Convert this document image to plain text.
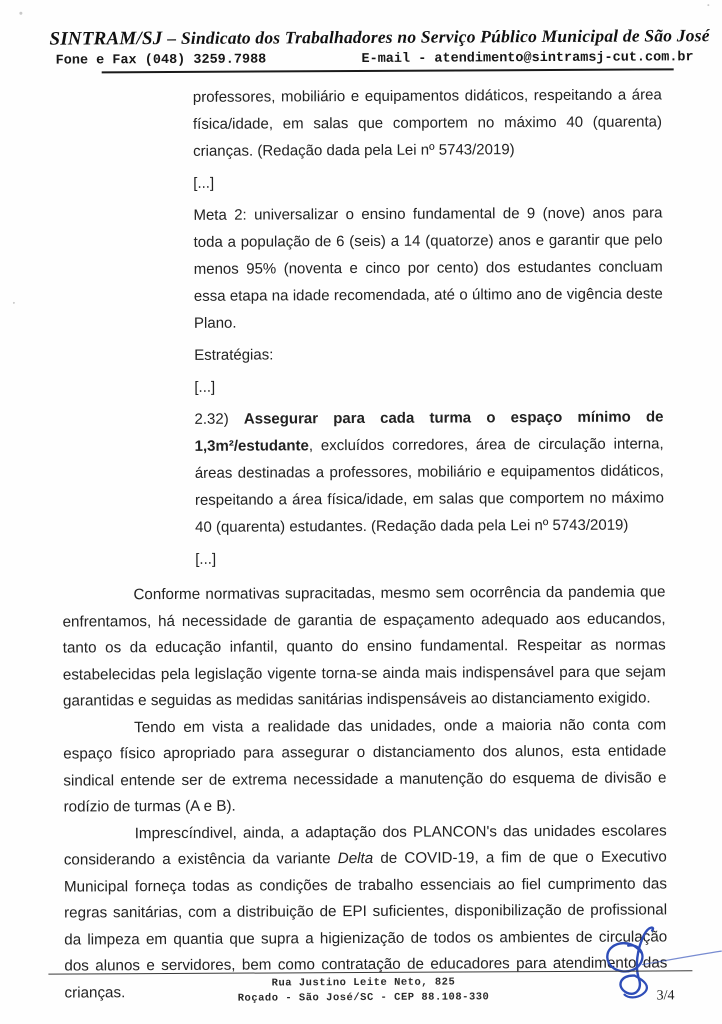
SINTRAM/SJ – Sindicato dos Trabalhadores no Serviço Público Municipal de São José
Fone e Fax (048) 3259.7988	E-mail - atendimento@sintramsj-cut.com.br

professores, mobiliário e equipamentos didáticos, respeitando a área física/idade, em salas que comportem no máximo 40 (quarenta) crianças. (Redação dada pela Lei nº 5743/2019)

[...]

Meta 2: universalizar o ensino fundamental de 9 (nove) anos para toda a população de 6 (seis) a 14 (quatorze) anos e garantir que pelo menos 95% (noventa e cinco por cento) dos estudantes concluam essa etapa na idade recomendada, até o último ano de vigência deste Plano.

Estratégias:

[...]

2.32) Assegurar para cada turma o espaço mínimo de 1,3m²/estudante, excluídos corredores, área de circulação interna, áreas destinadas a professores, mobiliário e equipamentos didáticos, respeitando a área física/idade, em salas que comportem no máximo 40 (quarenta) estudantes. (Redação dada pela Lei nº 5743/2019)

[...]

Conforme normativas supracitadas, mesmo sem ocorrência da pandemia que enfrentamos, há necessidade de garantia de espaçamento adequado aos educandos, tanto os da educação infantil, quanto do ensino fundamental. Respeitar as normas estabelecidas pela legislação vigente torna-se ainda mais indispensável para que sejam garantidas e seguidas as medidas sanitárias indispensáveis ao distanciamento exigido.

Tendo em vista a realidade das unidades, onde a maioria não conta com espaço físico apropriado para assegurar o distanciamento dos alunos, esta entidade sindical entende ser de extrema necessidade a manutenção do esquema de divisão e rodízio de turmas (A e B).

Imprescíndivel, ainda, a adaptação dos PLANCON's das unidades escolares considerando a existência da variante Delta de COVID-19, a fim de que o Executivo Municipal forneça todas as condições de trabalho essenciais ao fiel cumprimento das regras sanitárias, com a distribuição de EPI suficientes, disponibilização de profissional da limpeza em quantia que supra a higienização de todos os ambientes de circulação dos alunos e servidores, bem como contratação de educadores para atendimento das crianças.

Rua Justino Leite Neto, 825
Roçado - São José/SC - CEP 88.108-330	3/4
